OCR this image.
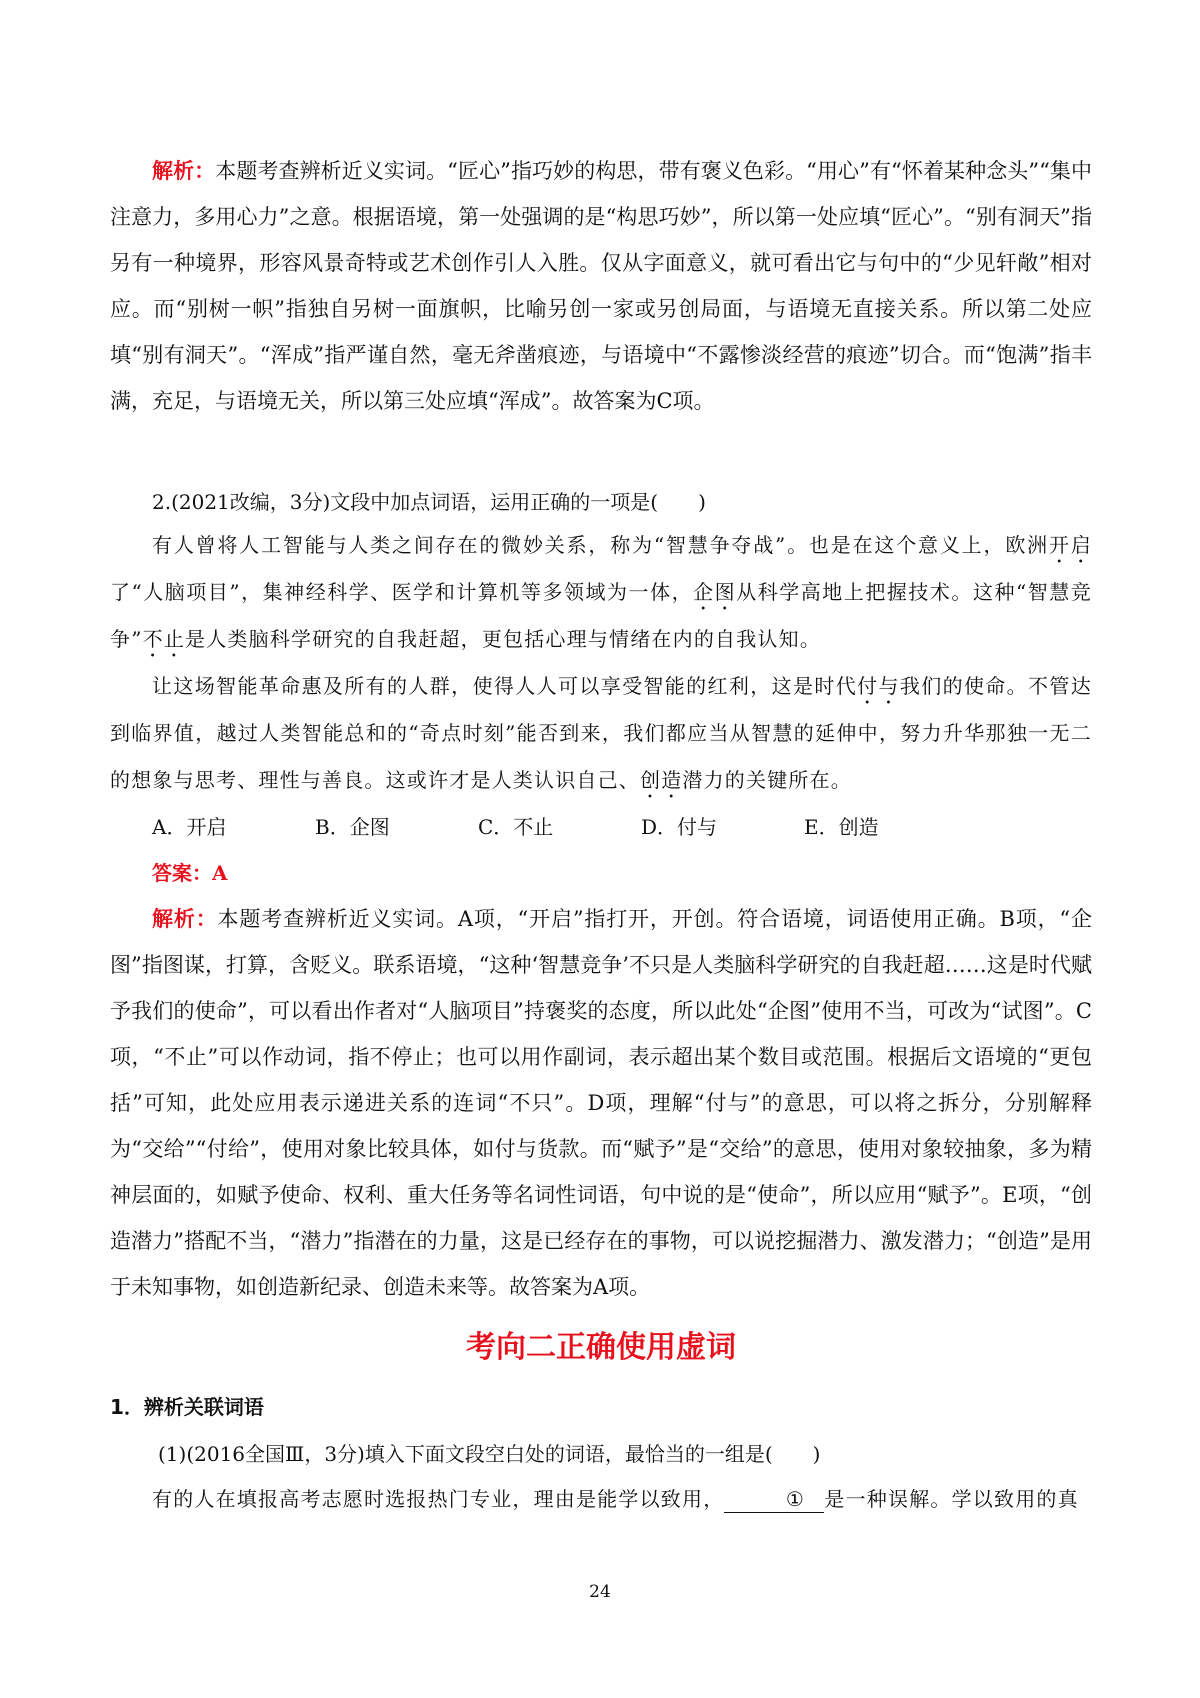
解析：本题考查辨析近义实词。“匠心”指巧妙的构思，带有褒义色彩。“用心”有“怀着某种念头”“集中注意力，多用心力”之意。根据语境，第一处强调的是“构思巧妙”，所以第一处应填“匠心”。“别有洞天”指另有一种境界，形容风景奇特或艺术创作引人入胜。仅从字面意义，就可看出它与句中的“少见轩敞”相对应。而“别树一帜”指独自另树一面旗帜，比喻另创一家或另创局面，与语境无直接关系。所以第二处应填“别有洞天”。“浑成”指严谨自然，毫无斧凿痕迹，与语境中“不露惨淡经营的痕迹”切合。而“饱满”指丰满，充足，与语境无关，所以第三处应填“浑成”。故答案为C项。

2.(2021改编，3分)文段中加点词语，运用正确的一项是(　　)

有人曾将人工智能与人类之间存在的微妙关系，称为“智慧争夺战”。也是在这个意义上，欧洲开启了“人脑项目”，集神经科学、医学和计算机等多领域为一体，企图从科学高地上把握技术。这种“智慧竞争”不止是人类脑科学研究的自我赶超，更包括心理与情绪在内的自我认知。

让这场智能革命惠及所有的人群，使得人人可以享受智能的红利，这是时代付与我们的使命。不管达到临界值，越过人类智能总和的“奇点时刻”能否到来，我们都应当从智慧的延伸中，努力升华那独一无二的想象与思考、理性与善良。这或许才是人类认识自己、创造潜力的关键所在。

A．开启	B．企图	C．不止	D．付与	E．创造

答案：A

解析：本题考查辨析近义实词。A项，“开启”指打开，开创。符合语境，词语使用正确。B项，“企图”指图谋，打算，含贬义。联系语境，“这种‘智慧竞争’不只是人类脑科学研究的自我赶超……这是时代赋予我们的使命”，可以看出作者对“人脑项目”持褒奖的态度，所以此处“企图”使用不当，可改为“试图”。C项，“不止”可以作动词，指不停止；也可以用作副词，表示超出某个数目或范围。根据后文语境的“更包括”可知，此处应用表示递进关系的连词“不只”。D项，理解“付与”的意思，可以将之拆分，分别解释为“交给”“付给”，使用对象比较具体，如付与货款。而“赋予”是“交给”的意思，使用对象较抽象，多为精神层面的，如赋予使命、权利、重大任务等名词性词语，句中说的是“使命”，所以应用“赋予”。E项，“创造潜力”搭配不当，“潜力”指潜在的力量，这是已经存在的事物，可以说挖掘潜力、激发潜力；“创造”是用于未知事物，如创造新纪录、创造未来等。故答案为A项。

考向二正确使用虚词
1．辨析关联词语

(1)(2016全国Ⅲ，3分)填入下面文段空白处的词语，最恰当的一组是(　　)

有的人在填报高考志愿时选报热门专业，理由是能学以致用，	① 是一种误解。学以致用的真

24
